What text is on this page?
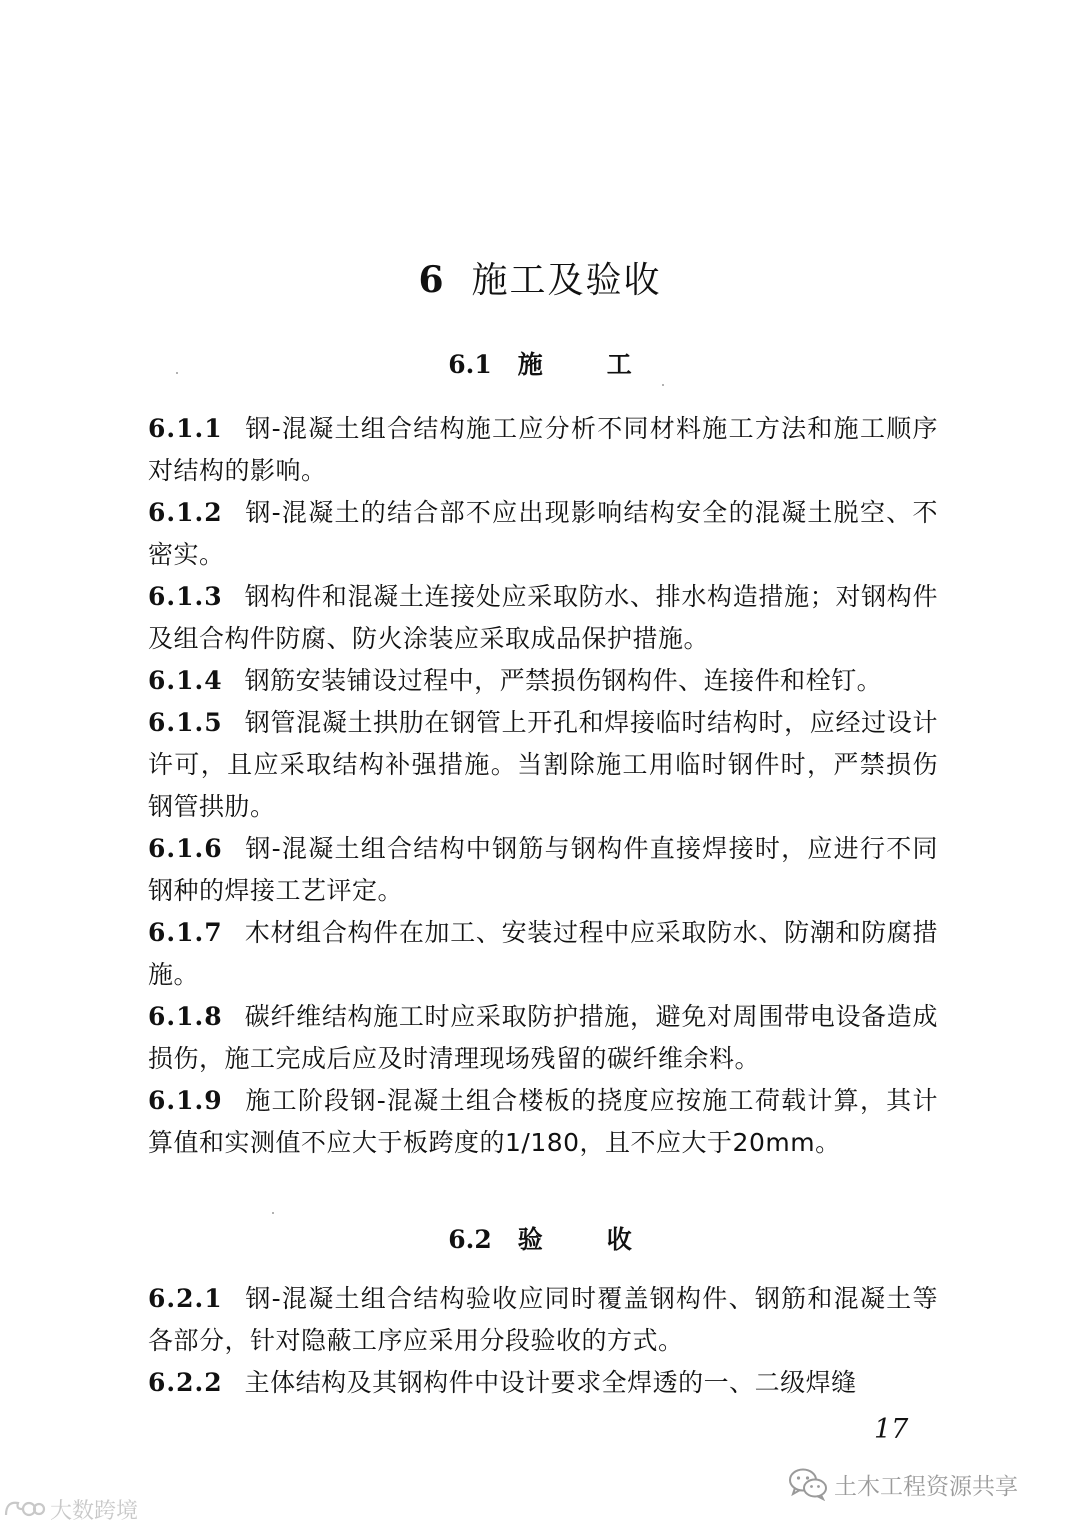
6 施工及验收
6.1 施	工

6.1.1 钢-混凝土组合结构施工应分析不同材料施工方法和施工顺序对结构的影响。

6.1.2 钢-混凝土的结合部不应出现影响结构安全的混凝土脱空、不密实。

6.1.3 钢构件和混凝土连接处应采取防水、排水构造措施；对钢构件及组合构件防腐、防火涂装应采取成品保护措施。

6.1.4 钢筋安装铺设过程中，严禁损伤钢构件、连接件和栓钉。

6.1.5 钢管混凝土拱肋在钢管上开孔和焊接临时结构时，应经过设计许可，且应采取结构补强措施。当割除施工用临时钢件时，严禁损伤钢管拱肋。

6.1.6 钢-混凝土组合结构中钢筋与钢构件直接焊接时，应进行不同钢种的焊接工艺评定。

6.1.7 木材组合构件在加工、安装过程中应采取防水、防潮和防腐措施。

6.1.8 碳纤维结构施工时应采取防护措施，避免对周围带电设备造成损伤，施工完成后应及时清理现场残留的碳纤维余料。

6.1.9 施工阶段钢-混凝土组合楼板的挠度应按施工荷载计算，其计算值和实测值不应大于板跨度的1/180，且不应大于20mm。

6.2 验	收

6.2.1 钢-混凝土组合结构验收应同时覆盖钢构件、钢筋和混凝土等各部分，针对隐蔽工序应采用分段验收的方式。

6.2.2 主体结构及其钢构件中设计要求全焊透的一、二级焊缝

17
土木工程资源共享
大数跨境
